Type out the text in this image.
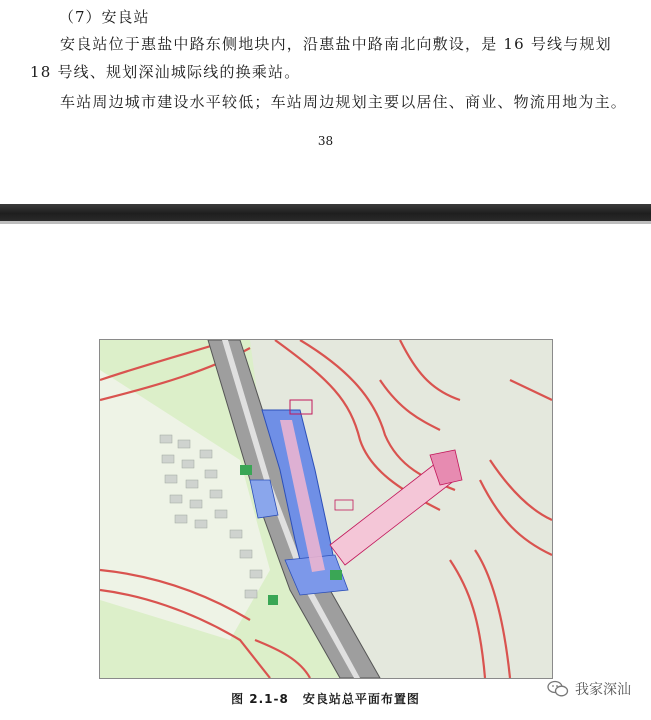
（7）安良站
安良站位于惠盐中路东侧地块内，沿惠盐中路南北向敷设，是 16 号线与规划 18 号线、规划深汕城际线的换乘站。
车站周边城市建设水平较低；车站周边规划主要以居住、商业、物流用地为主。
38
图 2.1-8 安良站总平面布置图
我家深汕
